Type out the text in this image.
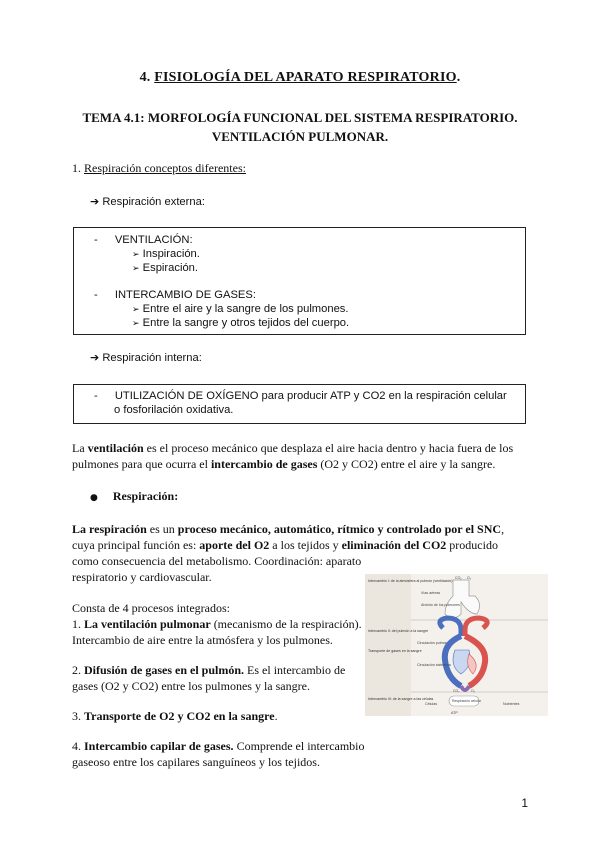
4. FISIOLOGÍA DEL APARATO RESPIRATORIO.
TEMA 4.1: MORFOLOGÍA FUNCIONAL DEL SISTEMA RESPIRATORIO.
VENTILACIÓN PULMONAR.
1. Respiración conceptos diferentes:
➔ Respiración externa:
- VENTILACIÓN:
➢ Inspiración.
➢ Espiración.
- INTERCAMBIO DE GASES:
➢ Entre el aire y la sangre de los pulmones.
➢ Entre la sangre y otros tejidos del cuerpo.
➔ Respiración interna:
- UTILIZACIÓN DE OXÍGENO para producir ATP y CO2 en la respiración celular
o fosforilación oxidativa.
La ventilación es el proceso mecánico que desplaza el aire hacia dentro y hacia fuera de los
pulmones para que ocurra el intercambio de gases (O2 y CO2) entre el aire y la sangre.
● Respiración:
La respiración es un proceso mecánico, automático, rítmico y controlado por el SNC,
cuya principal función es: aporte del O2 a los tejidos y eliminación del CO2 producido
como consecuencia del metabolismo. Coordinación: aparato
respiratorio y cardiovascular.
Consta de 4 procesos integrados:
1. La ventilación pulmonar (mecanismo de la respiración).
Intercambio de aire entre la atmósfera y los pulmones.
2. Difusión de gases en el pulmón. Es el intercambio de
gases (O2 y CO2) entre los pulmones y la sangre.
3. Transporte de O2 y CO2 en la sangre.
4. Intercambio capilar de gases. Comprende el intercambio
gaseoso entre los capilares sanguíneos y los tejidos.
Intercambio I: de la atmósfera al pulmón (ventilación)
Intercambio II: del pulmón a la sangre
Transporte de gases en la sangre
Intercambio III: de la sangre a las células
CO₂ O₂
Vías aéreas
Alvéolo de los pulmones
Circulación pulmonar
Circulación sistémica
Respiración celular
Células	Nutrientes
ATP
CO₂	O₂
1
